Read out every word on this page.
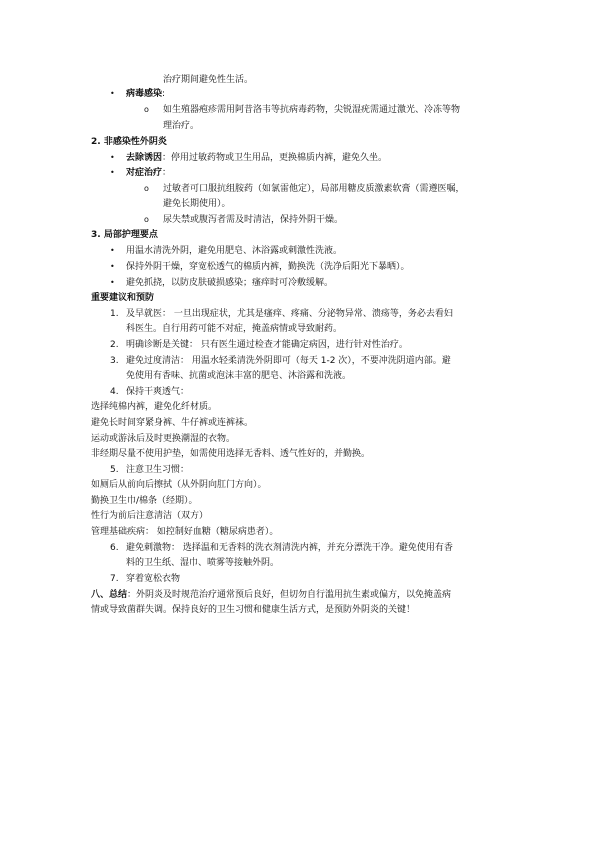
治疗期间避免性生活。
• 病毒感染:
o 如生殖器疱疹需用阿昔洛韦等抗病毒药物，尖锐湿疣需通过激光、冷冻等物
理治疗。
2. 非感染性外阴炎
• 去除诱因：停用过敏药物或卫生用品，更换棉质内裤，避免久坐。
• 对症治疗：
o 过敏者可口服抗组胺药（如氯雷他定），局部用糖皮质激素软膏（需遵医嘱，
避免长期使用）。
o 尿失禁或腹泻者需及时清洁，保持外阴干燥。
3. 局部护理要点
• 用温水清洗外阴，避免用肥皂、沐浴露或刺激性洗液。
• 保持外阴干燥，穿宽松透气的棉质内裤，勤换洗（洗净后阳光下暴晒）。
• 避免抓挠，以防皮肤破损感染；瘙痒时可冷敷缓解。
重要建议和预防
1. 及早就医： 一旦出现症状，尤其是瘙痒、疼痛、分泌物异常、溃疡等，务必去看妇
科医生。自行用药可能不对症，掩盖病情或导致耐药。
2. 明确诊断是关键： 只有医生通过检查才能确定病因，进行针对性治疗。
3. 避免过度清洁： 用温水轻柔清洗外阴即可（每天 1-2 次），不要冲洗阴道内部。避
免使用有香味、抗菌或泡沫丰富的肥皂、沐浴露和洗液。
4. 保持干爽透气：
选择纯棉内裤，避免化纤材质。
避免长时间穿紧身裤、牛仔裤或连裤袜。
运动或游泳后及时更换潮湿的衣物。
非经期尽量不使用护垫，如需使用选择无香料、透气性好的，并勤换。
5. 注意卫生习惯：
如厕后从前向后擦拭（从外阴向肛门方向）。
勤换卫生巾/棉条（经期）。
性行为前后注意清洁（双方）
管理基础疾病： 如控制好血糖（糖尿病患者）。
6. 避免刺激物： 选择温和无香料的洗衣剂清洗内裤，并充分漂洗干净。避免使用有香
料的卫生纸、湿巾、喷雾等接触外阴。
7. 穿着宽松衣物
八、总结：外阴炎及时规范治疗通常预后良好，但切勿自行滥用抗生素或偏方，以免掩盖病
情或导致菌群失调。保持良好的卫生习惯和健康生活方式，是预防外阴炎的关键！
